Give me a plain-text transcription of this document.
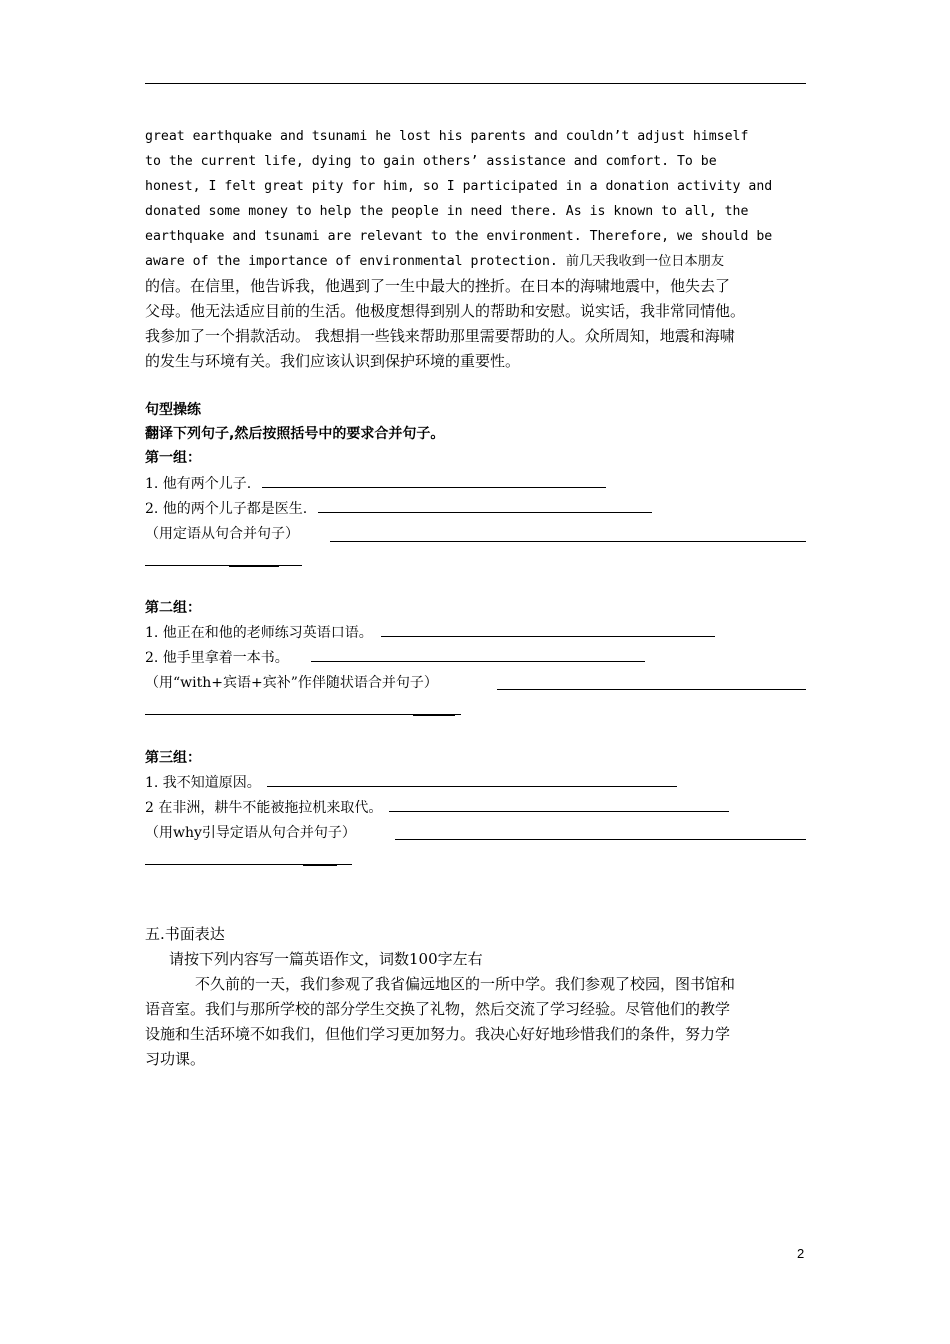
great earthquake and tsunami he lost his parents and couldn’t adjust himself
to the current life, dying to gain others’ assistance and comfort. To be
honest, I felt great pity for him, so I participated in a donation activity and
donated some money to help the people in need there. As is known to all, the
earthquake and tsunami are relevant to the environment. Therefore, we should be
aware of the importance of environmental protection. 前几天我收到一位日本朋友
的信。在信里，他告诉我，他遇到了一生中最大的挫折。在日本的海啸地震中，他失去了
父母。他无法适应目前的生活。他极度想得到别人的帮助和安慰。说实话，我非常同情他。
我参加了一个捐款活动。 我想捐一些钱来帮助那里需要帮助的人。众所周知，地震和海啸
的发生与环境有关。我们应该认识到保护环境的重要性。
句型操练
翻译下列句子,然后按照括号中的要求合并句子。
第一组：
1. 他有两个儿子.
2. 他的两个儿子都是医生.
（用定语从句合并句子）
第二组：
1. 他正在和他的老师练习英语口语。
2. 他手里拿着一本书。
（用“with+宾语+宾补”作伴随状语合并句子）
第三组：
1. 我不知道原因。
2 在非洲，耕牛不能被拖拉机来取代。
（用why引导定语从句合并句子）
五.书面表达
请按下列内容写一篇英语作文，词数100字左右
不久前的一天，我们参观了我省偏远地区的一所中学。我们参观了校园，图书馆和
语音室。我们与那所学校的部分学生交换了礼物，然后交流了学习经验。尽管他们的教学
设施和生活环境不如我们，但他们学习更加努力。我决心好好地珍惜我们的条件，努力学
习功课。
2
